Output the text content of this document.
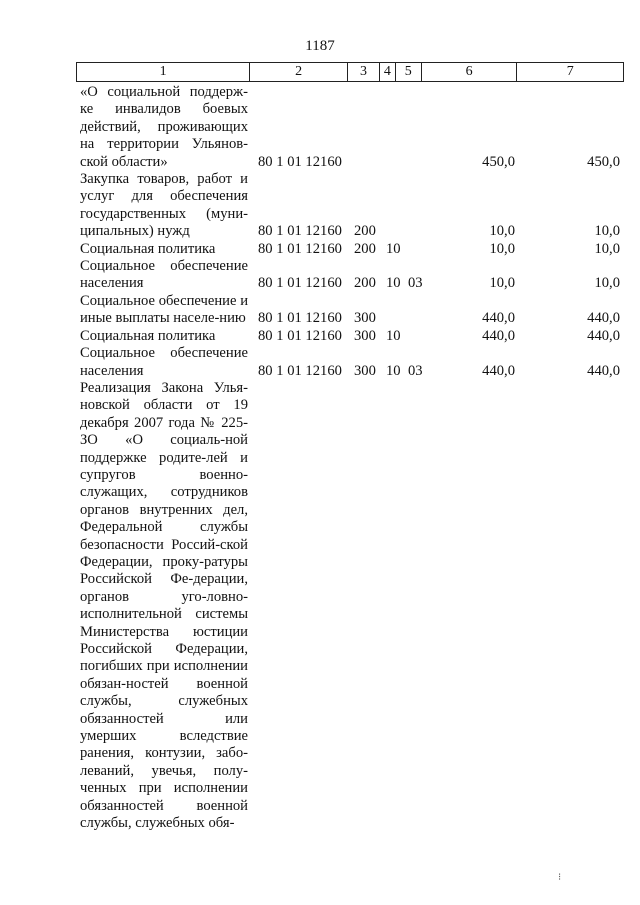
1187
1	2	3	4 5	6	7
«О социальной поддерж-ке инвалидов боевых действий, проживающих на территории Ульянов-ской области»	80 1 01 12160	450,0	450,0
Закупка товаров, работ и услуг для обеспечения государственных (муни-ципальных) нужд	80 1 01 12160 200	10,0	10,0
Социальная политика	80 1 01 12160 200 10	10,0	10,0
Социальное обеспечение населения	80 1 01 12160 200 10 03	10,0	10,0
Социальное обеспечение и иные выплаты населе-нию 80 1 01 12160 300	440,0	440,0
Социальная политика	80 1 01 12160 300 10	440,0	440,0
Социальное обеспечение населения	80 1 01 12160 300 10 03	440,0	440,0
Реализация Закона Улья-новской области от 19 декабря 2007 года № 225-ЗО «О социаль-ной поддержке родите-лей и супругов военно-служащих, сотрудников органов внутренних дел, Федеральной службы безопасности Россий-ской Федерации, проку-ратуры Российской Фе-дерации, органов уго-ловно-исполнительной системы Министерства юстиции Российской Федерации, погибших при исполнении обязан-ностей военной службы, служебных обязанностей или умерших вследствие ранения, контузии, забо-леваний, увечья, полу-ченных при исполнении обязанностей военной службы, служебных обя-
⁝
